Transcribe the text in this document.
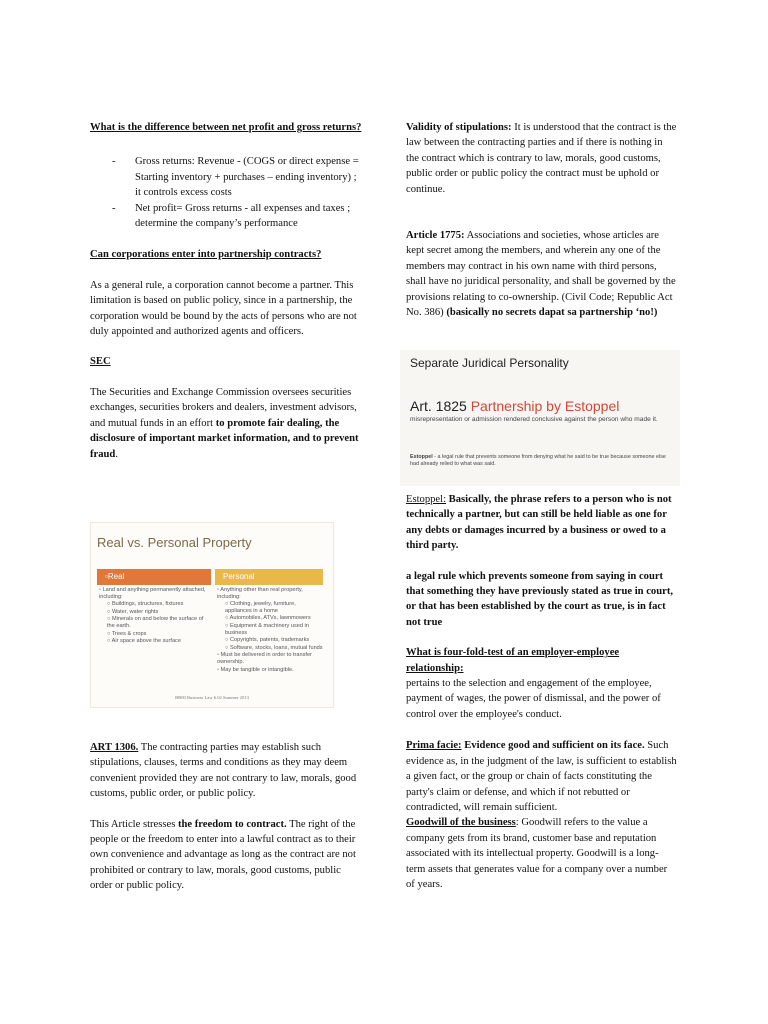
What is the difference between net profit and gross returns?

- Gross returns: Revenue - (COGS or direct expense = Starting inventory + purchases – ending inventory) ; it controls excess costs
- Net profit= Gross returns - all expenses and taxes ; determine the company’s performance

Can corporations enter into partnership contracts?

As a general rule, a corporation cannot become a partner. This limitation is based on public policy, since in a partnership, the corporation would be bound by the acts of persons who are not duly appointed and authorized agents and officers.

SEC

The Securities and Exchange Commission oversees securities exchanges, securities brokers and dealers, investment advisors, and mutual funds in an effort to promote fair dealing, the disclosure of important market information, and to prevent fraud.

ART 1306. The contracting parties may establish such stipulations, clauses, terms and conditions as they may deem convenient provided they are not contrary to law, morals, good customs, public order, or public policy.

This Article stresses the freedom to contract. The right of the people or the freedom to enter into a lawful contract as to their own convenience and advantage as long as the contract are not prohibited or contrary to law, morals, good customs, public order or public policy.

Real vs. Personal Property
▫Real	Personal
▫ Land and anything permanently attached, including:
○ Buildings, structures, fixtures
○ Water, water rights
○ Minerals on and below the surface of the earth.
○ Trees & crops
○ Air space above the surface
▫ Anything other than real property, including:
○ Clothing, jewelry, furniture, appliances in a home
○ Automobiles, ATVs, lawnmowers
○ Equipment & machinery used in business
○ Copyrights, patents, trademarks
○ Software, stocks, loans, mutual funds
▫ Must be delivered in order to transfer ownership.
▫ May be tangible or intangible.
BB00 Business Law 6.02 Summer 2013

Validity of stipulations: It is understood that the contract is the law between the contracting parties and if there is nothing in the contract which is contrary to law, morals, good customs, public order or public policy the contract must be uphold or continue.

Article 1775: Associations and societies, whose articles are kept secret among the members, and wherein any one of the members may contract in his own name with third persons, shall have no juridical personality, and shall be governed by the provisions relating to co-ownership. (Civil Code; Republic Act No. 386) (basically no secrets dapat sa partnership ‘no!)

Separate Juridical Personality
Art. 1825 Partnership by Estoppel
misrepresentation or admission rendered conclusive against the person who made it.
Estoppel - a legal rule that prevents someone from denying what he said to be true because someone else had already relied to what was said.

Estoppel: Basically, the phrase refers to a person who is not technically a partner, but can still be held liable as one for any debts or damages incurred by a business or owed to a third party.

a legal rule which prevents someone from saying in court that something they have previously stated as true in court, or that has been established by the court as true, is in fact not true

What is four-fold-test of an employer-employee relationship:

pertains to the selection and engagement of the employee, payment of wages, the power of dismissal, and the power of control over the employee's conduct.

Prima facie: Evidence good and sufficient on its face. Such evidence as, in the judgment of the law, is sufficient to establish a given fact, or the group or chain of facts constituting the party's claim or defense, and which if not rebutted or contradicted, will remain sufficient.

Goodwill of the business: Goodwill refers to the value a company gets from its brand, customer base and reputation associated with its intellectual property. Goodwill is a long-term assets that generates value for a company over a number of years.
